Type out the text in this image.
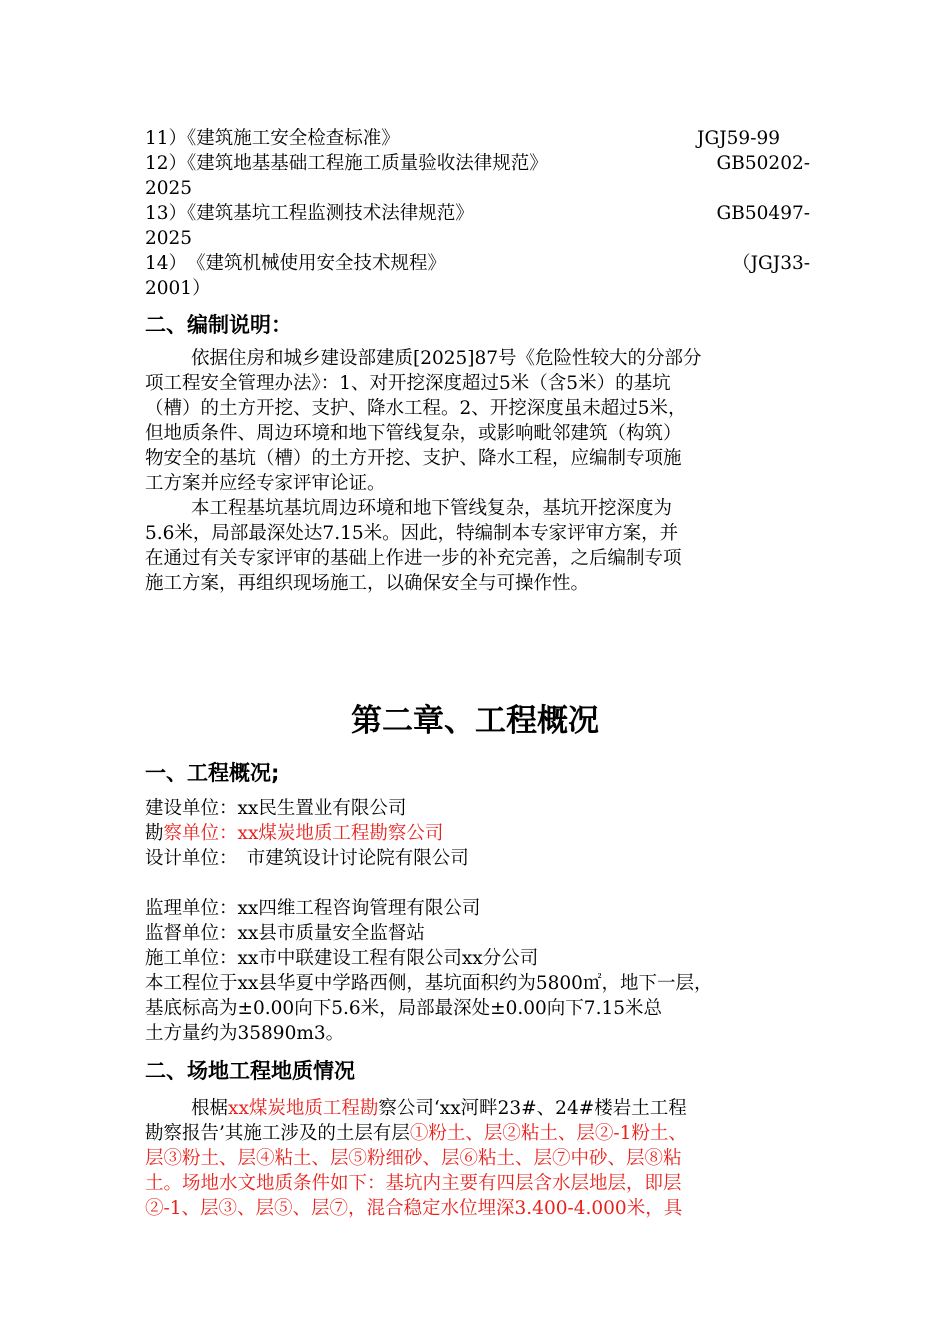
11）《建筑施工安全检查标准》	JGJ59-99
12）《建筑地基基础工程施工质量验收法律规范》	GB50202-
2025
13）《建筑基坑工程监测技术法律规范》	GB50497-
2025
14）　《建筑机械使用安全技术规程》	（JGJ33-
2001）
二、编制说明：
依据住房和城乡建设部建质[2025]87号《危险性较大的分部分
项工程安全管理办法》：1、对开挖深度超过5米（含5米）的基坑
（槽）的土方开挖、支护、降水工程。2、开挖深度虽未超过5米，
但地质条件、周边环境和地下管线复杂，或影响毗邻建筑（构筑）
物安全的基坑（槽）的土方开挖、支护、降水工程，应编制专项施
工方案并应经专家评审论证。
本工程基坑基坑周边环境和地下管线复杂，基坑开挖深度为
5.6米，局部最深处达7.15米。因此，特编制本专家评审方案，并
在通过有关专家评审的基础上作进一步的补充完善，之后编制专项
施工方案，再组织现场施工，以确保安全与可操作性。
第二章、工程概况
一、工程概况;
建设单位：xx民生置业有限公司
勘察单位：xx煤炭地质工程勘察公司
设计单位：　市建筑设计讨论院有限公司
监理单位：xx四维工程咨询管理有限公司
监督单位：xx县市质量安全监督站
施工单位：xx市中联建设工程有限公司xx分公司
本工程位于xx县华夏中学路西侧，基坑面积约为5800㎡，地下一层，
基底标高为±0.00向下5.6米，局部最深处±0.00向下7.15米总
土方量约为35890m3。
二、场地工程地质情况
根椐xx煤炭地质工程勘察公司‘xx河畔23#、24#楼岩土工程
勘察报告’其施工涉及的土层有层①粉土、层②粘土、层②-1粉土、
层③粉土、层④粘土、层⑤粉细砂、层⑥粘土、层⑦中砂、层⑧粘
土。场地水文地质条件如下：基坑内主要有四层含水层地层，即层
②-1、层③、层⑤、层⑦，混合稳定水位埋深3.400-4.000米，具
